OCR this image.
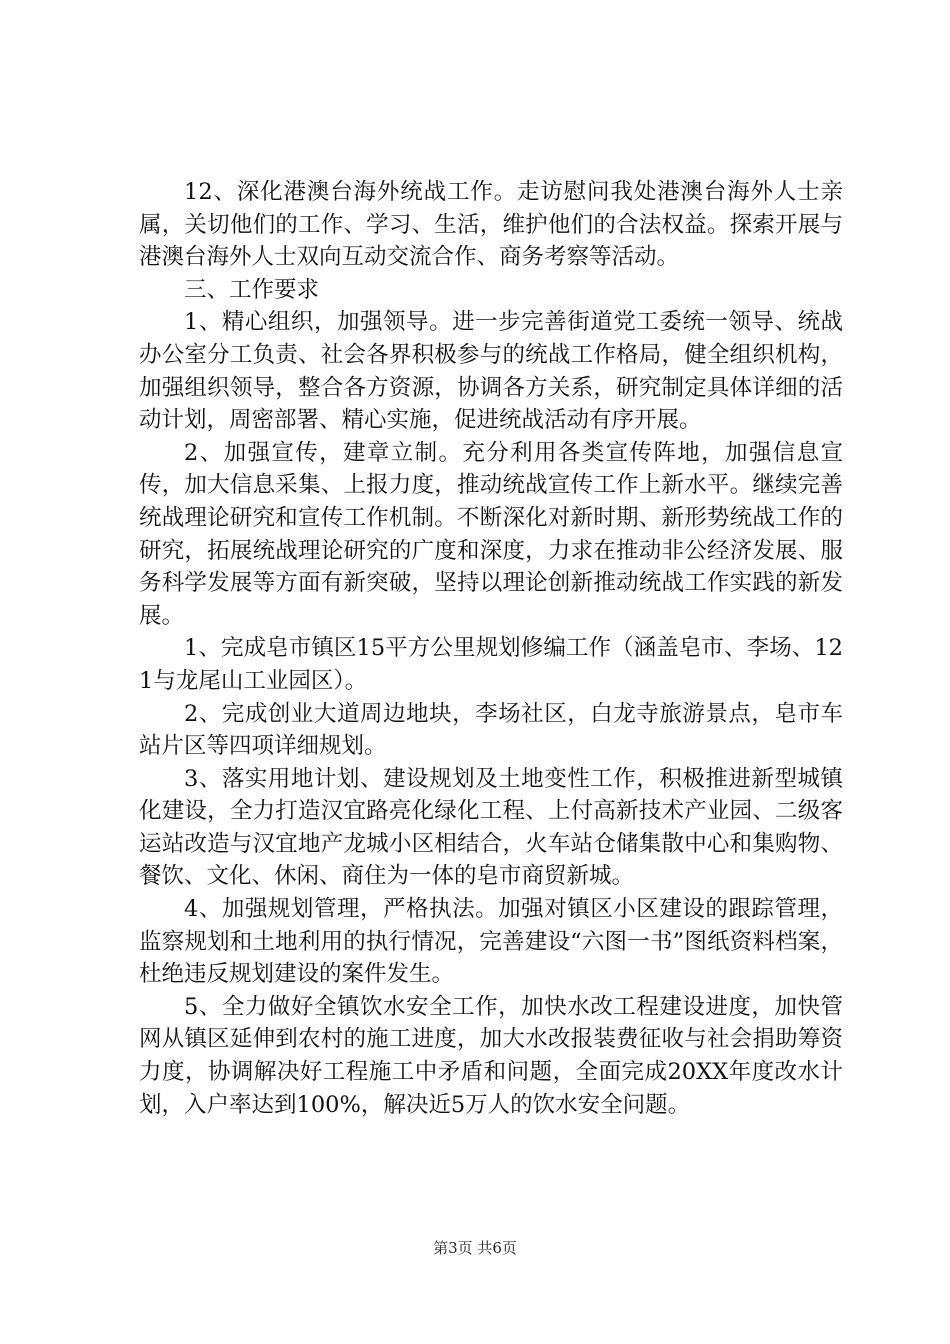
12、深化港澳台海外统战工作。走访慰问我处港澳台海外人士亲属，关切他们的工作、学习、生活，维护他们的合法权益。探索开展与港澳台海外人士双向互动交流合作、商务考察等活动。

三、工作要求

1、精心组织，加强领导。进一步完善街道党工委统一领导、统战办公室分工负责、社会各界积极参与的统战工作格局，健全组织机构，加强组织领导，整合各方资源，协调各方关系，研究制定具体详细的活动计划，周密部署、精心实施，促进统战活动有序开展。

2、加强宣传，建章立制。充分利用各类宣传阵地，加强信息宣传，加大信息采集、上报力度，推动统战宣传工作上新水平。继续完善统战理论研究和宣传工作机制。不断深化对新时期、新形势统战工作的研究，拓展统战理论研究的广度和深度，力求在推动非公经济发展、服务科学发展等方面有新突破，坚持以理论创新推动统战工作实践的新发展。

1、完成皂市镇区15平方公里规划修编工作（涵盖皂市、李场、121与龙尾山工业园区）。

2、完成创业大道周边地块，李场社区，白龙寺旅游景点，皂市车站片区等四项详细规划。

3、落实用地计划、建设规划及土地变性工作，积极推进新型城镇化建设，全力打造汉宜路亮化绿化工程、上付高新技术产业园、二级客运站改造与汉宜地产龙城小区相结合，火车站仓储集散中心和集购物、餐饮、文化、休闲、商住为一体的皂市商贸新城。

4、加强规划管理，严格执法。加强对镇区小区建设的跟踪管理，监察规划和土地利用的执行情况，完善建设“六图一书”图纸资料档案，杜绝违反规划建设的案件发生。

5、全力做好全镇饮水安全工作，加快水改工程建设进度，加快管网从镇区延伸到农村的施工进度，加大水改报装费征收与社会捐助筹资力度，协调解决好工程施工中矛盾和问题，全面完成20XX年度改水计划，入户率达到100%，解决近5万人的饮水安全问题。

第3页 共6页
